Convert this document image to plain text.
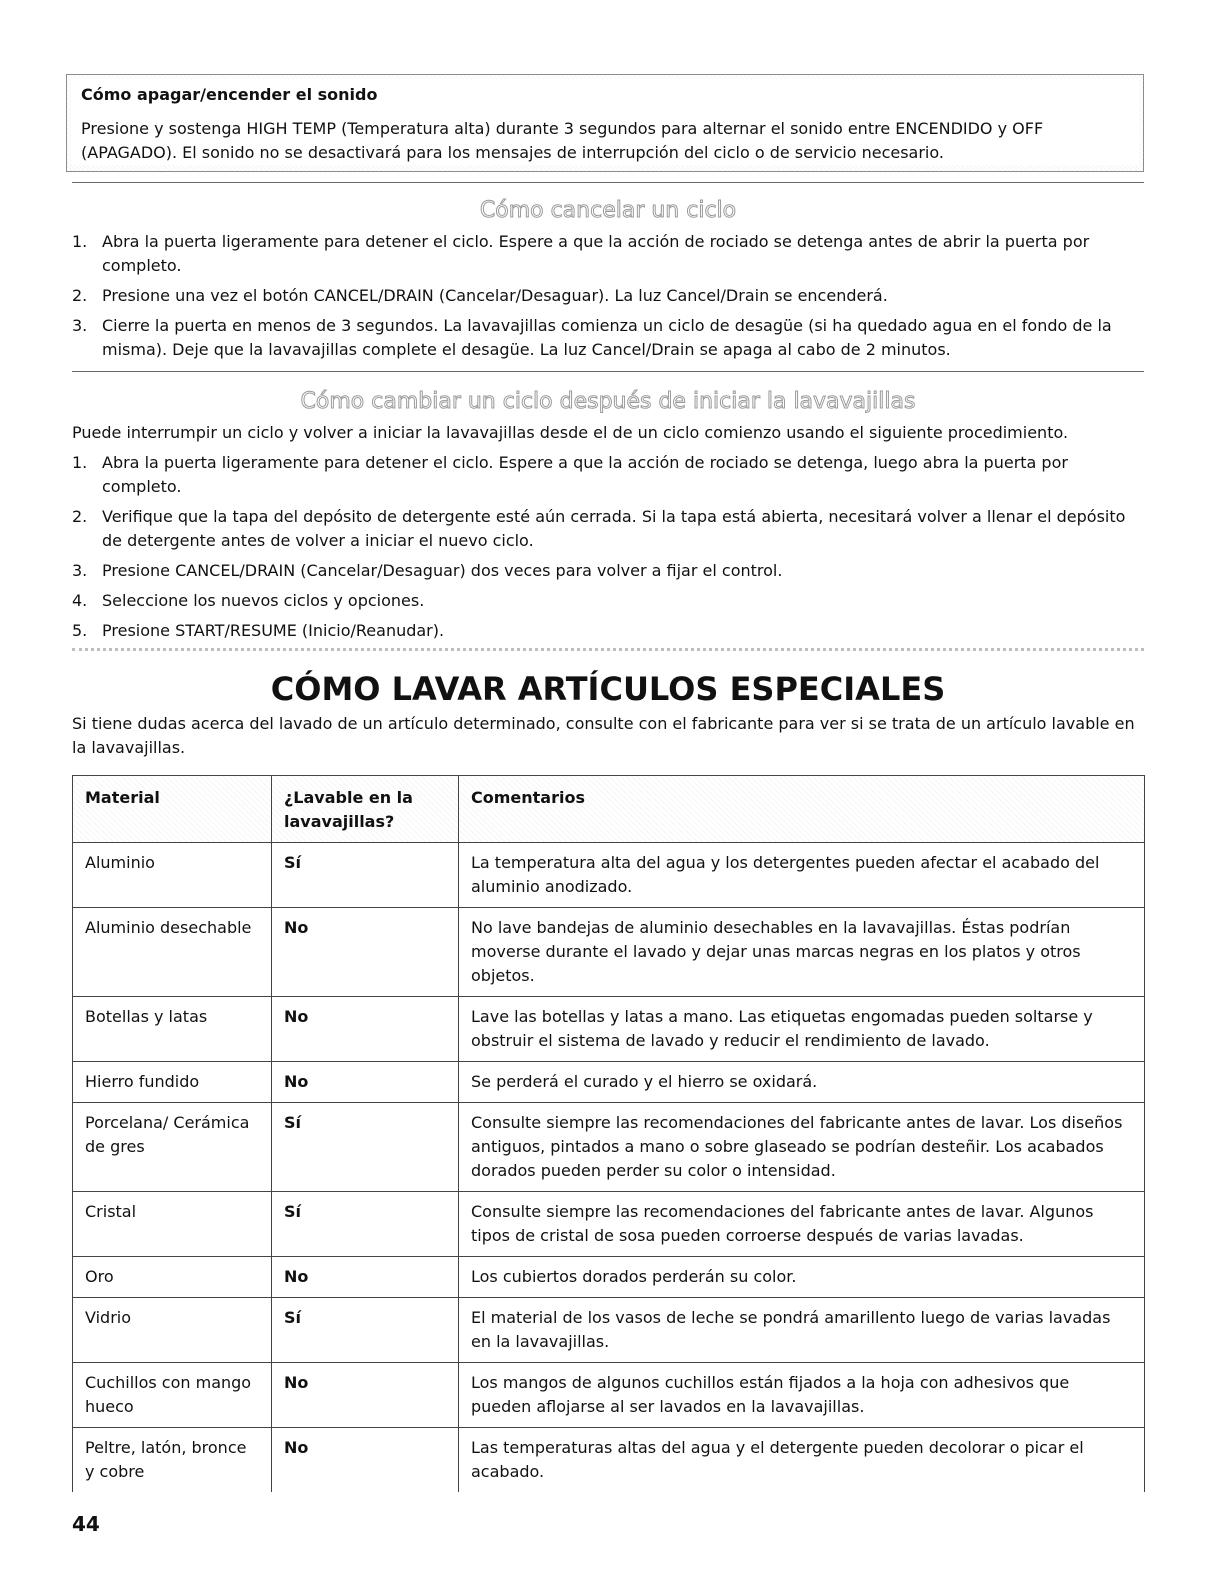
Cómo apagar/encender el sonido
Presione y sostenga HIGH TEMP (Temperatura alta) durante 3 segundos para alternar el sonido entre ENCENDIDO y OFF (APAGADO). El sonido no se desactivará para los mensajes de interrupción del ciclo o de servicio necesario.
Cómo cancelar un ciclo
1. Abra la puerta ligeramente para detener el ciclo. Espere a que la acción de rociado se detenga antes de abrir la puerta por completo.
2. Presione una vez el botón CANCEL/DRAIN (Cancelar/Desaguar). La luz Cancel/Drain se encenderá.
3. Cierre la puerta en menos de 3 segundos. La lavavajillas comienza un ciclo de desagüe (si ha quedado agua en el fondo de la misma). Deje que la lavavajillas complete el desagüe. La luz Cancel/Drain se apaga al cabo de 2 minutos.
Cómo cambiar un ciclo después de iniciar la lavavajillas
Puede interrumpir un ciclo y volver a iniciar la lavavajillas desde el de un ciclo comienzo usando el siguiente procedimiento.
1. Abra la puerta ligeramente para detener el ciclo. Espere a que la acción de rociado se detenga, luego abra la puerta por completo.
2. Verifique que la tapa del depósito de detergente esté aún cerrada. Si la tapa está abierta, necesitará volver a llenar el depósito de detergente antes de volver a iniciar el nuevo ciclo.
3. Presione CANCEL/DRAIN (Cancelar/Desaguar) dos veces para volver a fijar el control.
4. Seleccione los nuevos ciclos y opciones.
5. Presione START/RESUME (Inicio/Reanudar).
CÓMO LAVAR ARTÍCULOS ESPECIALES
Si tiene dudas acerca del lavado de un artículo determinado, consulte con el fabricante para ver si se trata de un artículo lavable en la lavavajillas.
Material	¿Lavable en la lavavajillas?	Comentarios
Aluminio	Sí	La temperatura alta del agua y los detergentes pueden afectar el acabado del aluminio anodizado.
Aluminio desechable	No	No lave bandejas de aluminio desechables en la lavavajillas. Éstas podrían moverse durante el lavado y dejar unas marcas negras en los platos y otros objetos.
Botellas y latas	No	Lave las botellas y latas a mano. Las etiquetas engomadas pueden soltarse y obstruir el sistema de lavado y reducir el rendimiento de lavado.
Hierro fundido	No	Se perderá el curado y el hierro se oxidará.
Porcelana/ Cerámica de gres	Sí	Consulte siempre las recomendaciones del fabricante antes de lavar. Los diseños antiguos, pintados a mano o sobre glaseado se podrían desteñir. Los acabados dorados pueden perder su color o intensidad.
Cristal	Sí	Consulte siempre las recomendaciones del fabricante antes de lavar. Algunos tipos de cristal de sosa pueden corroerse después de varias lavadas.
Oro	No	Los cubiertos dorados perderán su color.
Vidrio	Sí	El material de los vasos de leche se pondrá amarillento luego de varias lavadas en la lavavajillas.
Cuchillos con mango hueco	No	Los mangos de algunos cuchillos están fijados a la hoja con adhesivos que pueden aflojarse al ser lavados en la lavavajillas.
Peltre, latón, bronce y cobre	No	Las temperaturas altas del agua y el detergente pueden decolorar o picar el acabado.
44
